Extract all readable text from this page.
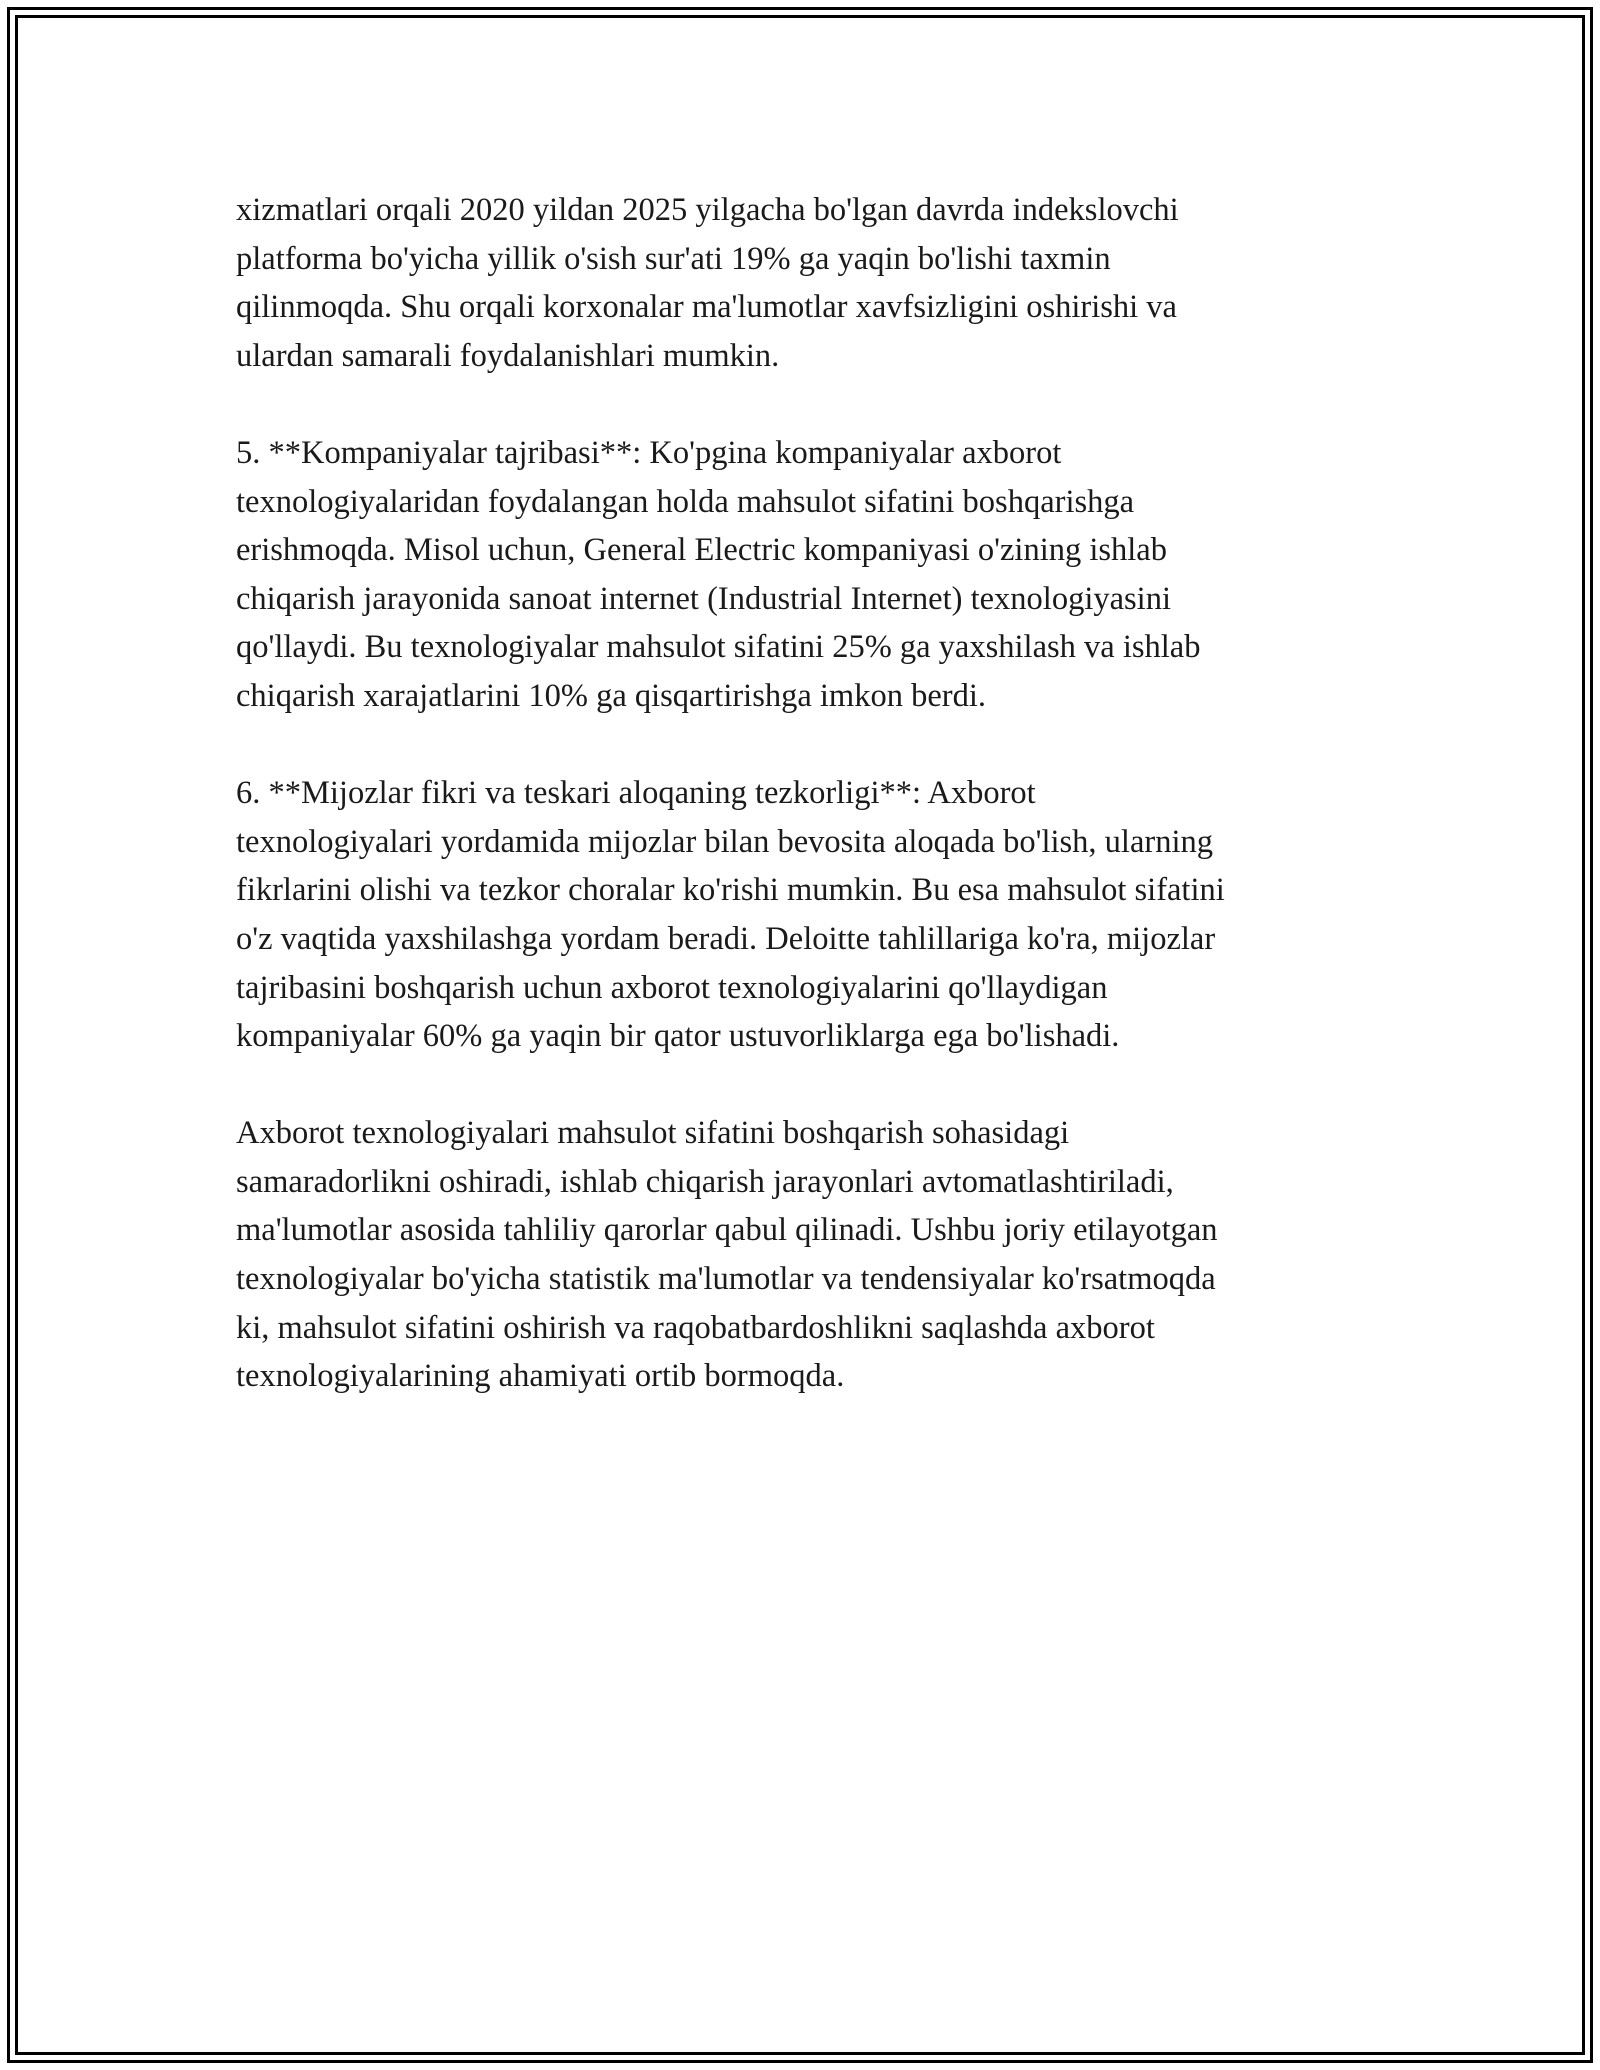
xizmatlari orqali 2020 yildan 2025 yilgacha bo'lgan davrda indekslovchi
platforma bo'yicha yillik o'sish sur'ati 19% ga yaqin bo'lishi taxmin
qilinmoqda. Shu orqali korxonalar ma'lumotlar xavfsizligini oshirishi va
ulardan samarali foydalanishlari mumkin.

5. **Kompaniyalar tajribasi**: Ko'pgina kompaniyalar axborot
texnologiyalaridan foydalangan holda mahsulot sifatini boshqarishga
erishmoqda. Misol uchun, General Electric kompaniyasi o'zining ishlab
chiqarish jarayonida sanoat internet (Industrial Internet) texnologiyasini
qo'llaydi. Bu texnologiyalar mahsulot sifatini 25% ga yaxshilash va ishlab
chiqarish xarajatlarini 10% ga qisqartirishga imkon berdi.

6. **Mijozlar fikri va teskari aloqaning tezkorligi**: Axborot
texnologiyalari yordamida mijozlar bilan bevosita aloqada bo'lish, ularning
fikrlarini olishi va tezkor choralar ko'rishi mumkin. Bu esa mahsulot sifatini
o'z vaqtida yaxshilashga yordam beradi. Deloitte tahlillariga ko'ra, mijozlar
tajribasini boshqarish uchun axborot texnologiyalarini qo'llaydigan
kompaniyalar 60% ga yaqin bir qator ustuvorliklarga ega bo'lishadi.

Axborot texnologiyalari mahsulot sifatini boshqarish sohasidagi
samaradorlikni oshiradi, ishlab chiqarish jarayonlari avtomatlashtiriladi,
ma'lumotlar asosida tahliliy qarorlar qabul qilinadi. Ushbu joriy etilayotgan
texnologiyalar bo'yicha statistik ma'lumotlar va tendensiyalar ko'rsatmoqda
ki, mahsulot sifatini oshirish va raqobatbardoshlikni saqlashda axborot
texnologiyalarining ahamiyati ortib bormoqda.
